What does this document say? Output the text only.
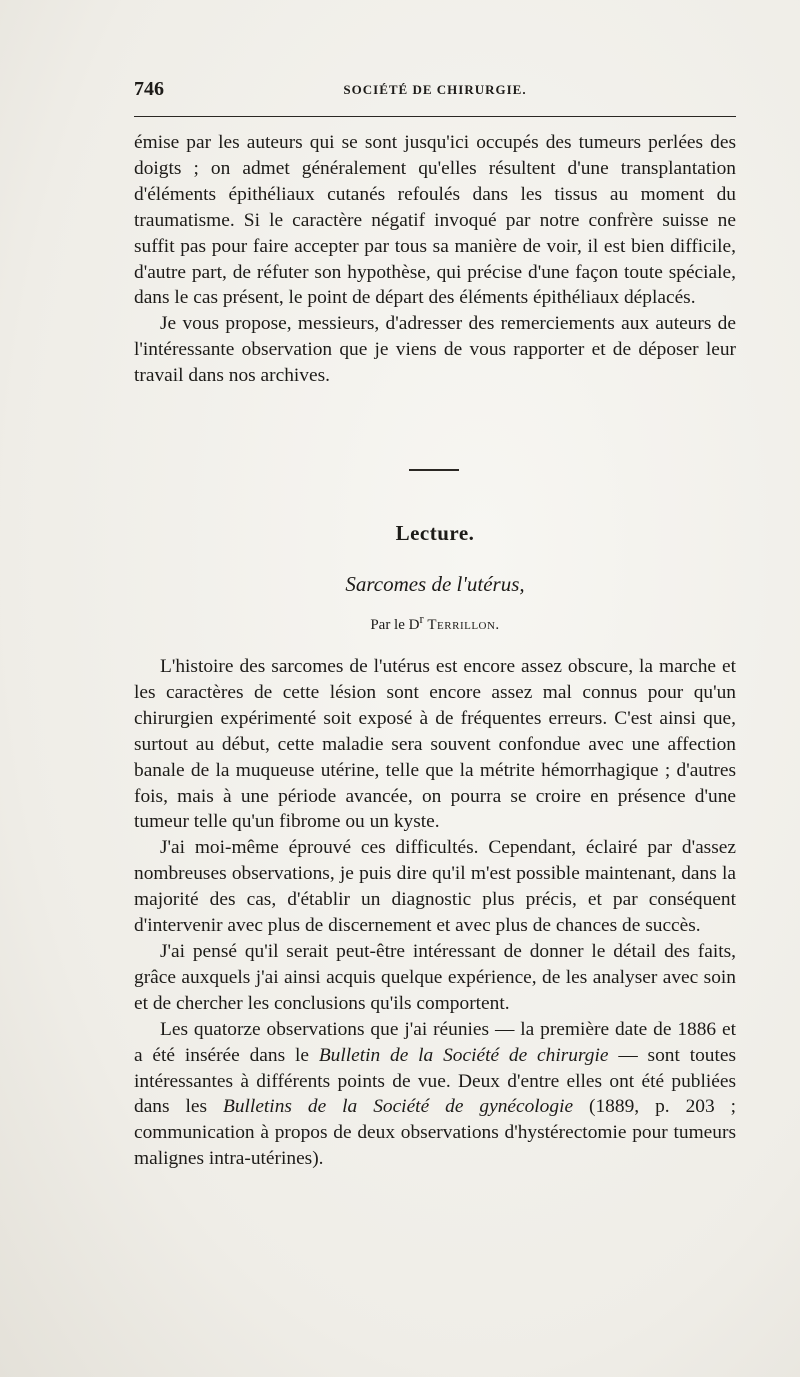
746	SOCIÉTÉ DE CHIRURGIE.

émise par les auteurs qui se sont jusqu'ici occupés des tumeurs perlées des doigts ; on admet généralement qu'elles résultent d'une transplantation d'éléments épithéliaux cutanés refoulés dans les tissus au moment du traumatisme. Si le caractère négatif invoqué par notre confrère suisse ne suffit pas pour faire accepter par tous sa manière de voir, il est bien difficile, d'autre part, de réfuter son hypothèse, qui précise d'une façon toute spéciale, dans le cas présent, le point de départ des éléments épithéliaux déplacés.

Je vous propose, messieurs, d'adresser des remerciements aux auteurs de l'intéressante observation que je viens de vous rapporter et de déposer leur travail dans nos archives.

Lecture.
Sarcomes de l'utérus,
Par le $D^r$ Terrillon.

L'histoire des sarcomes de l'utérus est encore assez obscure, la marche et les caractères de cette lésion sont encore assez mal connus pour qu'un chirurgien expérimenté soit exposé à de fréquentes erreurs. C'est ainsi que, surtout au début, cette maladie sera souvent confondue avec une affection banale de la muqueuse utérine, telle que la métrite hémorrhagique ; d'autres fois, mais à une période avancée, on pourra se croire en présence d'une tumeur telle qu'un fibrome ou un kyste.

J'ai moi-même éprouvé ces difficultés. Cependant, éclairé par d'assez nombreuses observations, je puis dire qu'il m'est possible maintenant, dans la majorité des cas, d'établir un diagnostic plus précis, et par conséquent d'intervenir avec plus de discernement et avec plus de chances de succès.

J'ai pensé qu'il serait peut-être intéressant de donner le détail des faits, grâce auxquels j'ai ainsi acquis quelque expérience, de les analyser avec soin et de chercher les conclusions qu'ils comportent.

Les quatorze observations que j'ai réunies — la première date de 1886 et a été insérée dans le Bulletin de la Société de chirurgie — sont toutes intéressantes à différents points de vue. Deux d'entre elles ont été publiées dans les Bulletins de la Société de gynécologie (1889, p. 203 ; communication à propos de deux observations d'hystérectomie pour tumeurs malignes intra-utérines).
